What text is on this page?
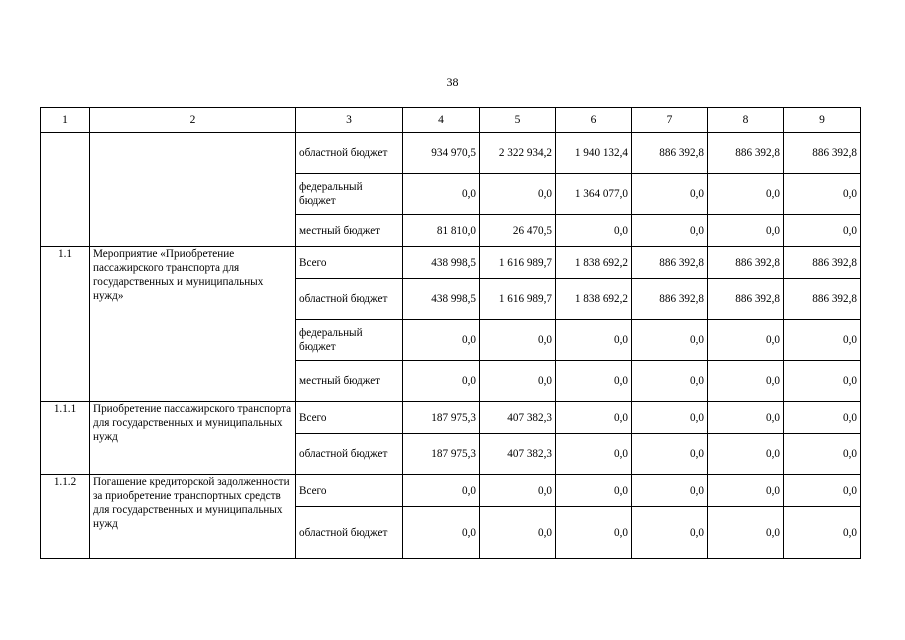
38
1	2	3	4	5	6	7	8	9
		областной бюджет	934 970,5	2 322 934,2	1 940 132,4	886 392,8	886 392,8	886 392,8
		федеральный бюджет	0,0	0,0	1 364 077,0	0,0	0,0	0,0
		местный бюджет	81 810,0	26 470,5	0,0	0,0	0,0	0,0
1.1	Мероприятие «Приобретение пассажирского транспорта для государственных и муниципальных нужд»	Всего	438 998,5	1 616 989,7	1 838 692,2	886 392,8	886 392,8	886 392,8
		областной бюджет	438 998,5	1 616 989,7	1 838 692,2	886 392,8	886 392,8	886 392,8
		федеральный бюджет	0,0	0,0	0,0	0,0	0,0	0,0
		местный бюджет	0,0	0,0	0,0	0,0	0,0	0,0
1.1.1	Приобретение пассажирского транспорта для государственных и муниципальных нужд	Всего	187 975,3	407 382,3	0,0	0,0	0,0	0,0
		областной бюджет	187 975,3	407 382,3	0,0	0,0	0,0	0,0
1.1.2	Погашение кредиторской задолженности за приобретение транспортных средств для государственных и муниципальных нужд	Всего	0,0	0,0	0,0	0,0	0,0	0,0
		областной бюджет	0,0	0,0	0,0	0,0	0,0	0,0
